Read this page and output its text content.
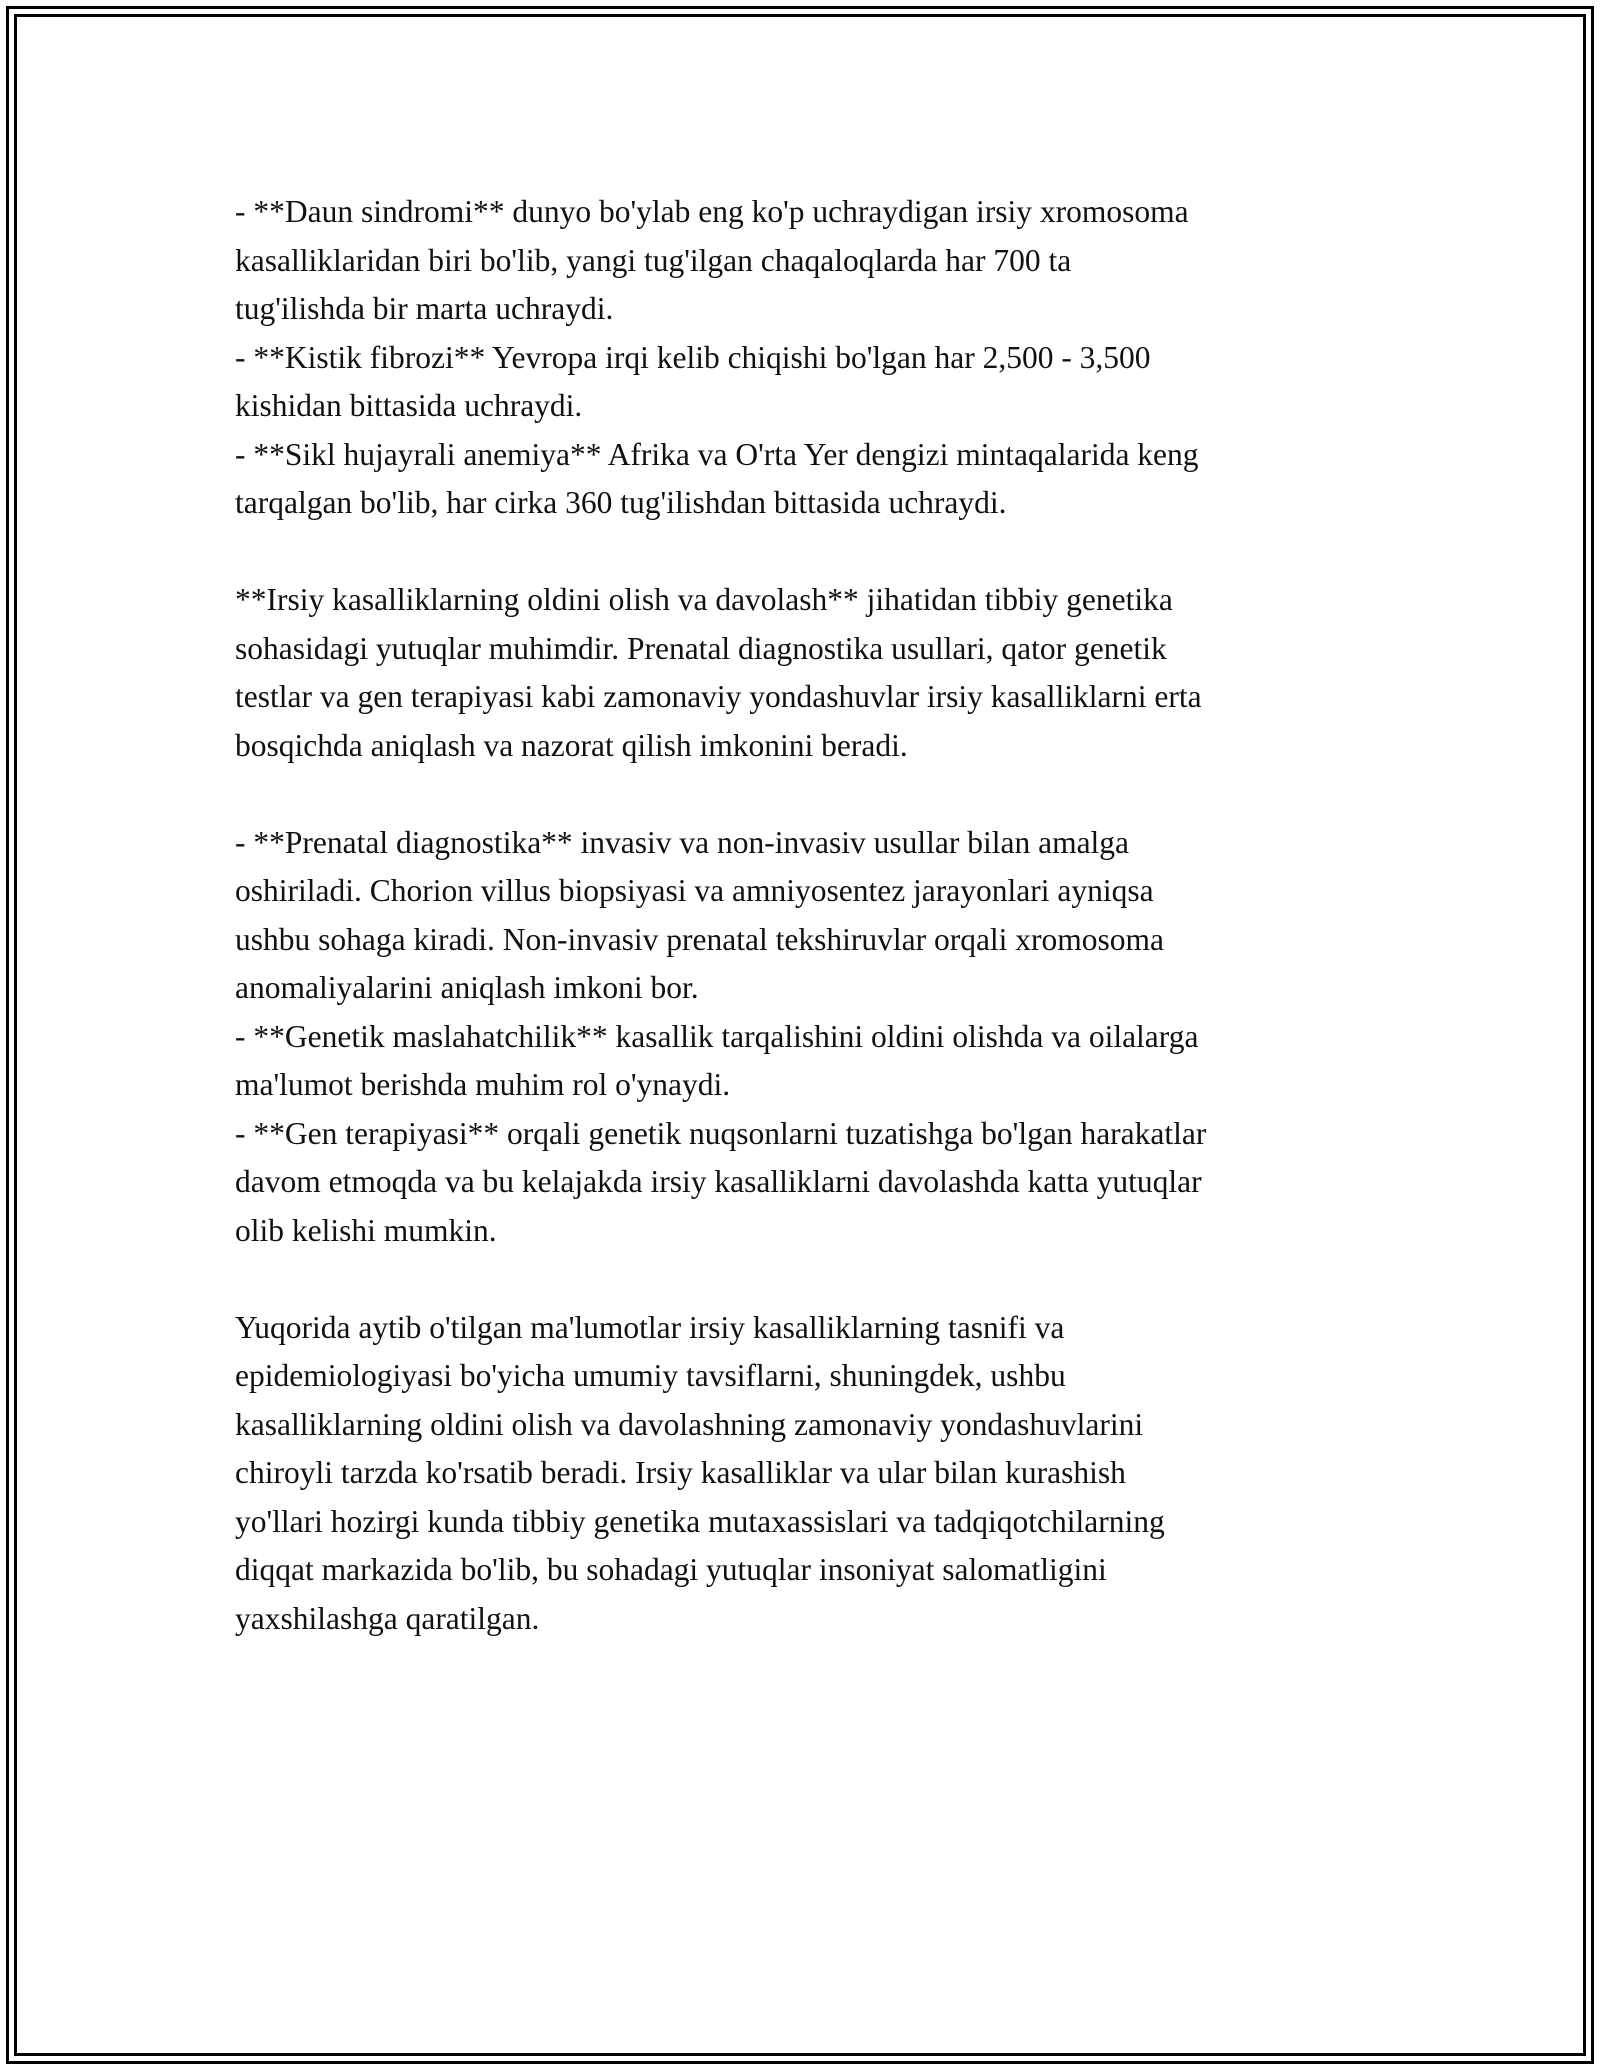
- **Daun sindromi** dunyo bo'ylab eng ko'p uchraydigan irsiy xromosoma
kasalliklaridan biri bo'lib, yangi tug'ilgan chaqaloqlarda har 700 ta
tug'ilishda bir marta uchraydi.
- **Kistik fibrozi** Yevropa irqi kelib chiqishi bo'lgan har 2,500 - 3,500
kishidan bittasida uchraydi.
- **Sikl hujayrali anemiya** Afrika va O'rta Yer dengizi mintaqalarida keng
tarqalgan bo'lib, har cirka 360 tug'ilishdan bittasida uchraydi.
**Irsiy kasalliklarning oldini olish va davolash** jihatidan tibbiy genetika
sohasidagi yutuqlar muhimdir. Prenatal diagnostika usullari, qator genetik
testlar va gen terapiyasi kabi zamonaviy yondashuvlar irsiy kasalliklarni erta
bosqichda aniqlash va nazorat qilish imkonini beradi.
- **Prenatal diagnostika** invasiv va non-invasiv usullar bilan amalga
oshiriladi. Chorion villus biopsiyasi va amniyosentez jarayonlari ayniqsa
ushbu sohaga kiradi. Non-invasiv prenatal tekshiruvlar orqali xromosoma
anomaliyalarini aniqlash imkoni bor.
- **Genetik maslahatchilik** kasallik tarqalishini oldini olishda va oilalarga
ma'lumot berishda muhim rol o'ynaydi.
- **Gen terapiyasi** orqali genetik nuqsonlarni tuzatishga bo'lgan harakatlar
davom etmoqda va bu kelajakda irsiy kasalliklarni davolashda katta yutuqlar
olib kelishi mumkin.
Yuqorida aytib o'tilgan ma'lumotlar irsiy kasalliklarning tasnifi va
epidemiologiyasi bo'yicha umumiy tavsiflarni, shuningdek, ushbu
kasalliklarning oldini olish va davolashning zamonaviy yondashuvlarini
chiroyli tarzda ko'rsatib beradi. Irsiy kasalliklar va ular bilan kurashish
yo'llari hozirgi kunda tibbiy genetika mutaxassislari va tadqiqotchilarning
diqqat markazida bo'lib, bu sohadagi yutuqlar insoniyat salomatligini
yaxshilashga qaratilgan.
